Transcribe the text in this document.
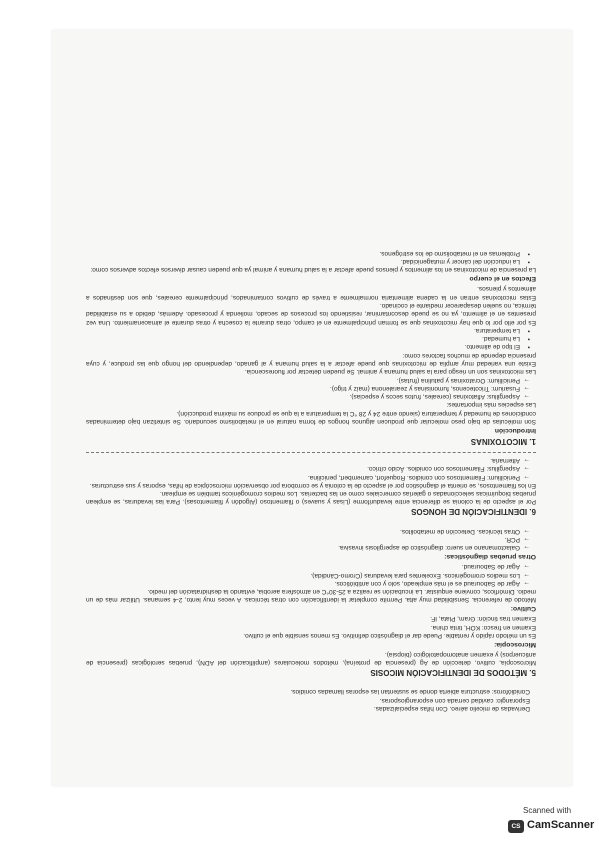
Derivadas de micelio aéreo. Con hifas especializadas.
Esporangio: cavidad cerrada con esporangiosporas.
Conidióforos: estructura abierta donde se sustentan las esporas llamadas conidios.
5. MÉTODOS DE IDENTIFICACIÓN MICOSIS

Microscopía, cultivo, detección de Ag (presencia de proteína), métodos moleculares (amplificación del ADN), pruebas serológicas (presencia de anticuerpos) y examen anatomopatológico (biopsia).

Microscopía:

Es un método rápido y rentable. Puede dar el diagnóstico definitivo. Es menos sensible que el cultivo.

Examen en fresco: KOH, tinta china.

Examen tras tinción: Gram, Plata, IF.

Cultivo:

Método de referencia. Sensibilidad muy alta. Permite completar la identificación con otras técnicas. A veces muy lento, 2-4 semanas. Utilizar más de un medio. Dimórficos, conviene enquistar. La incubación se realiza a 25-30°C en atmósfera aerobia, evitando la deshidratación del medio.

→Agar de Sabouraud es el más empleado, solo y con antibióticos.
→Los medios cromogénicos. Excelentes para levaduras (Cromo-Cándida).
→Agar de Sabouraud.
Otras pruebas diagnósticas:
→Galactomanano en suero: diagnóstico de aspergilosis invasiva.
→PCR.
→Otras técnicas. Detección de metabolitos.
6. IDENTIFICACIÓN DE HONGOS

Por el aspecto de la colonia se diferencia entre levaduriforme (Lisas y suaves) o filamentoso (Algodón y filamentosas). Para las levaduras, se emplean pruebas bioquímicas seleccionadas o galerías comerciales como en las bacterias. Los medios cromogénicos también se emplean.

En los filamentosos, se orienta el diagnóstico por el aspecto de la colonia y se corrobora por observación microscópica de hifas, esporas y sus estructuras.

→Penicillium: Filamentosos con conidios. Roquefort, camembert, penicilina.
→Aspergillus: Filamentosos con conidios. Ácido cítrico.
→Alternaria.
1. MICOTOXINAS
Introducción

Son moléculas de bajo peso molecular que producen algunos hongos de forma natural en el metabolismo secundario. Se sintetizan bajo determinadas condiciones de humedad y temperatura (siendo entre 24 y 28 °C la temperatura a la que se produce su máxima producción).

Las especies más importantes:

→Aspergillus: Aflatoxinas (cereales, frutos secos y especias).
→Fusarium: Tricotecenos, fumonisinas y zearalenona (maíz y trigo).
→Penicillium: Ocratoxinas y patulina (frutas).

Las micotoxinas son un riesgo para la salud humana y animal. Se pueden detectar por fluorescencia.

Existe una variedad muy amplia de micotoxinas que puede afectar a la salud humana y al ganado, dependiendo del hongo que las produce, y cuya presencia depende de muchos factores como:

•El tipo de alimento.
•La humedad.
•La temperatura.

Es por ello por lo que hay micotoxinas que se forman principalmente en el campo, otras durante la cosecha y otras durante el almacenamiento. Una vez presentes en el alimento, ya no se puede descontaminar, resistiendo los procesos de secado, molienda y procesado. Además, debido a su estabilidad térmica, no suelen desaparecer mediante el cocinado.

Estas micotoxinas entran en la cadena alimentaria normalmente a través de cultivos contaminados, principalmente cereales, que son destinados a alimentos y piensos.

Efectos en el cuerpo

La presencia de micotoxinas en los alimentos y piensos puede afectar a la salud humana y animal ya que pueden causar diversos efectos adversos como:

•La inducción del cáncer y mutagenicidad.
•Problemas en el metabolismo de los estrógenos.
Scanned with
CS CamScanner
